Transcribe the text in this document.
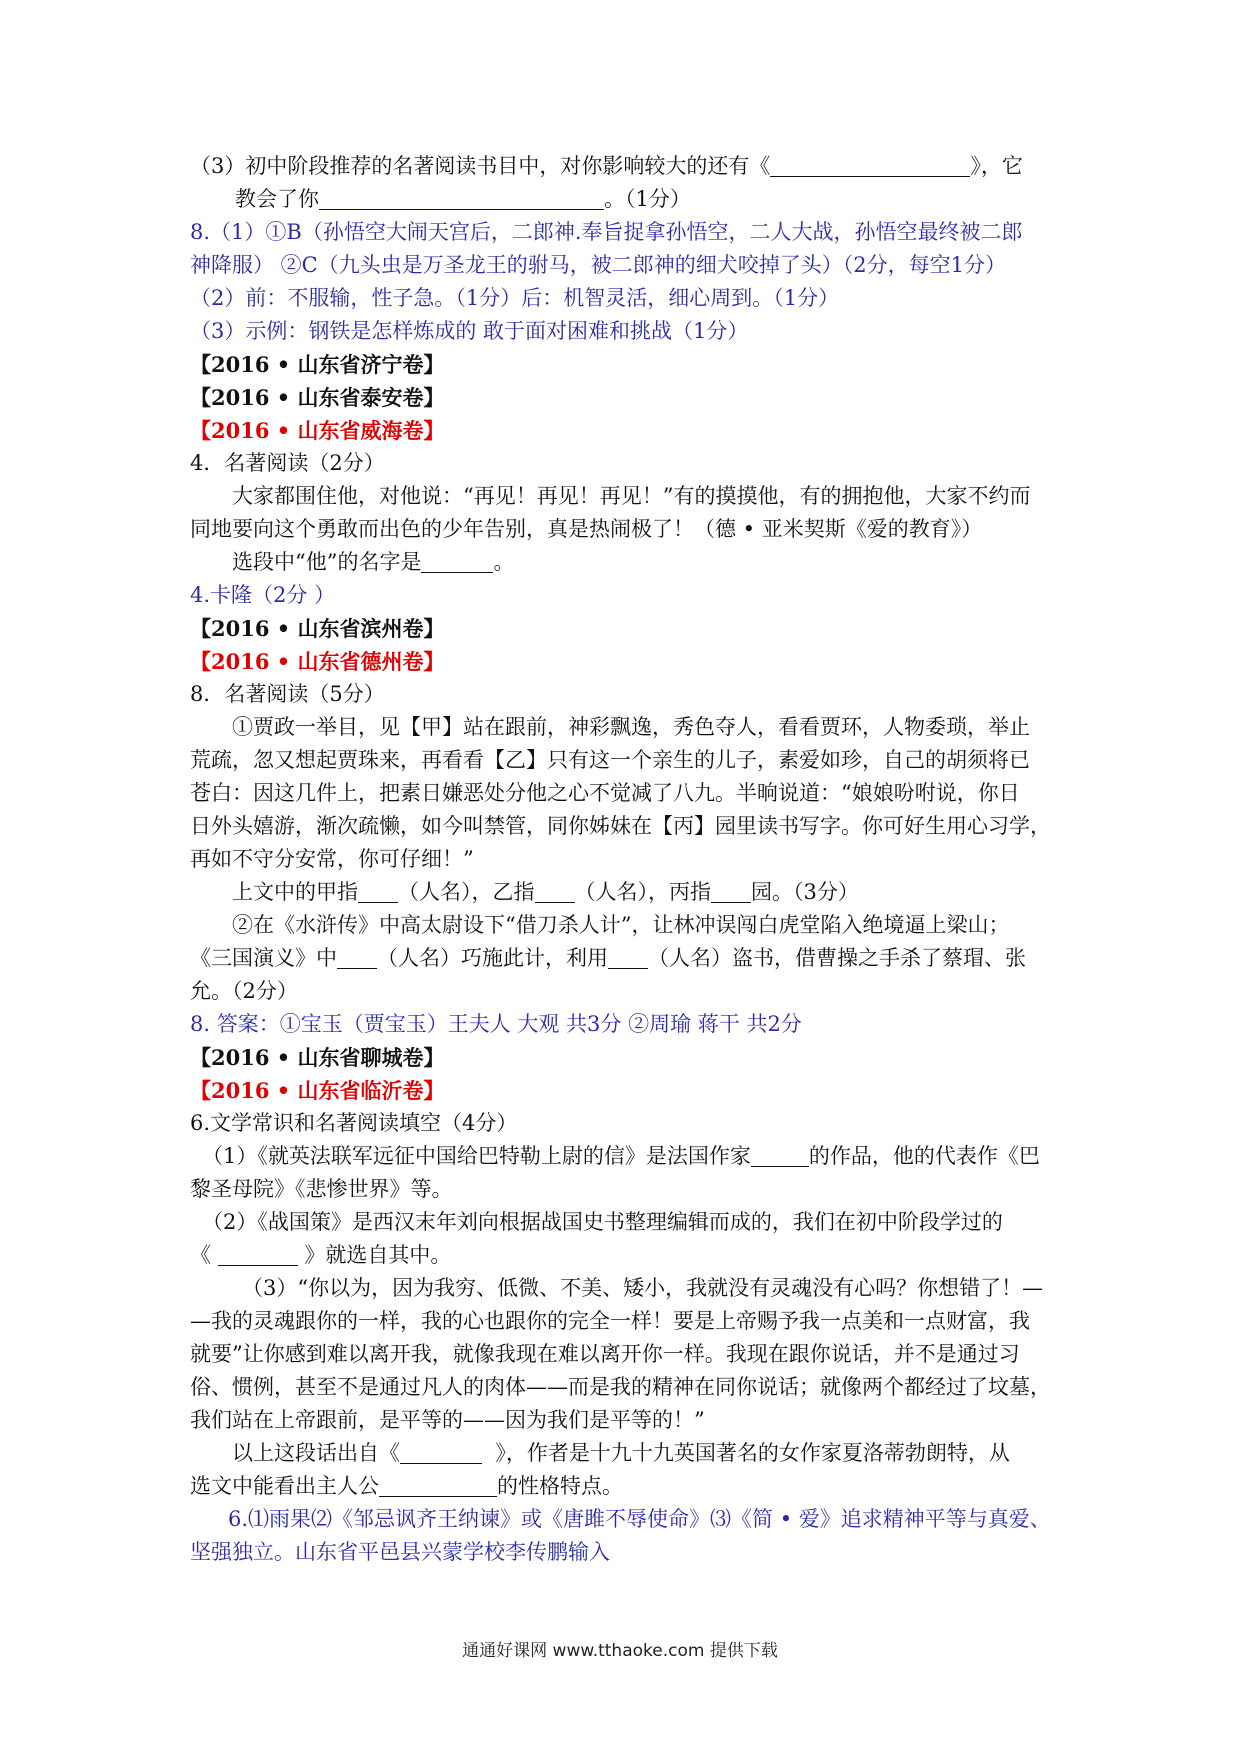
（3）初中阶段推荐的名著阅读书目中，对你影响较大的还有《	》，它
教会了你	。（1分）
8.（1）①B（孙悟空大闹天宫后，二郎神.奉旨捉拿孙悟空，二人大战，孙悟空最终被二郎
神降服） ②C（九头虫是万圣龙王的驸马，被二郎神的细犬咬掉了头）（2分，每空1分）
（2）前：不服输，性子急。（1分）后：机智灵活，细心周到。（1分）
（3）示例：钢铁是怎样炼成的 敢于面对困难和挑战（1分）
【2016 • 山东省济宁卷】
【2016 • 山东省泰安卷】
【2016 • 山东省威海卷】
4．名著阅读（2分）
大家都围住他，对他说：“再见！再见！再见！”有的摸摸他，有的拥抱他，大家不约而
同地要向这个勇敢而出色的少年告别，真是热闹极了！（德 • 亚米契斯《爱的教育》）
选段中“他”的名字是	。
4.卡隆（2分 ）
【2016 • 山东省滨州卷】
【2016 • 山东省德州卷】
8．名著阅读（5分）
①贾政一举目，见【甲】站在跟前，神彩飘逸，秀色夺人，看看贾环，人物委琐，举止
荒疏，忽又想起贾珠来，再看看【乙】只有这一个亲生的儿子，素爱如珍，自己的胡须将已
苍白：因这几件上，把素日嫌恶处分他之心不觉减了八九。半晌说道：“娘娘吩咐说，你日
日外头嬉游，渐次疏懒，如今叫禁管，同你姊妹在【丙】园里读书写字。你可好生用心习学，
再如不守分安常，你可仔细！”
上文中的甲指 （人名），乙指 （人名），丙指 园。（3分）
②在《水浒传》中高太尉设下“借刀杀人计”，让林冲误闯白虎堂陷入绝境逼上梁山；
《三国演义》中 （人名）巧施此计，利用 （人名）盗书，借曹操之手杀了蔡瑁、张
允。（2分）
8. 答案：①宝玉（贾宝玉）王夫人 大观 共3分 ②周瑜 蒋干 共2分
【2016 • 山东省聊城卷】
【2016 • 山东省临沂卷】
6.文学常识和名著阅读填空（4分）
（1）《就英法联军远征中国给巴特勒上尉的信》是法国作家	的作品，他的代表作《巴
黎圣母院》《悲惨世界》等。
（2）《战国策》是西汉末年刘向根据战国史书整理编辑而成的，我们在初中阶段学过的
《	》就选自其中。
（3）“你以为，因为我穷、低微、不美、矮小，我就没有灵魂没有心吗？你想错了！—
—我的灵魂跟你的一样，我的心也跟你的完全一样！要是上帝赐予我一点美和一点财富，我
就要”让你感到难以离开我，就像我现在难以离开你一样。我现在跟你说话，并不是通过习
俗、惯例，甚至不是通过凡人的肉体——而是我的精神在同你说话；就像两个都经过了坟墓，
我们站在上帝跟前，是平等的——因为我们是平等的！”
以上这段话出自《	》，作者是十九十九英国著名的女作家夏洛蒂勃朗特，从
选文中能看出主人公	的性格特点。
6.⑴雨果⑵《邹忌讽齐王纳谏》或《唐雎不辱使命》⑶《简 • 爱》追求精神平等与真爱、
坚强独立。山东省平邑县兴蒙学校李传鹏输入
通通好课网 www.tthaoke.com 提供下载
